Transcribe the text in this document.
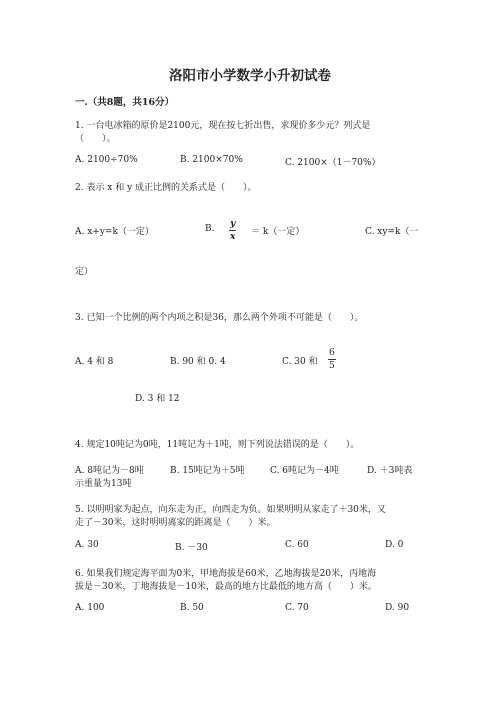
洛阳市小学数学小升初试卷
一.（共8题，共16分）
1. 一台电冰箱的原价是2100元，现在按七折出售，求现价多少元？列式是
（　　）。
A. 2100÷70%	B. 2100×70%	C. 2100×（1－70%）
2. 表示 x 和 y 成正比例的关系式是（　　）。
A. x+y=k（一定）	B. y
x ＝ k（一定）	C. xy=k（一
定）
3. 已知一个比例的两个内项之积是36，那么两个外项不可能是（　　）。
A. 4 和 8	B. 90 和 0. 4	C. 30 和
6
5
D. 3 和 12
4. 规定10吨记为0吨，11吨记为＋1吨，则下列说法错误的是（　　）。
A. 8吨记为－8吨	B. 15吨记为＋5吨	C. 6吨记为－4吨	D. ＋3吨表
示重量为13吨
5. 以明明家为起点，向东走为正，向西走为负。如果明明从家走了＋30米，又
走了－30米，这时明明离家的距离是（　　）米。
A. 30	B. －30	C. 60	D. 0
6. 如果我们规定海平面为0米，甲地海拔是60米，乙地海拔是20米，丙地海
拔是－30米，丁地海拔是－10米，最高的地方比最低的地方高（　　）米。
A. 100	B. 50	C. 70	D. 90
